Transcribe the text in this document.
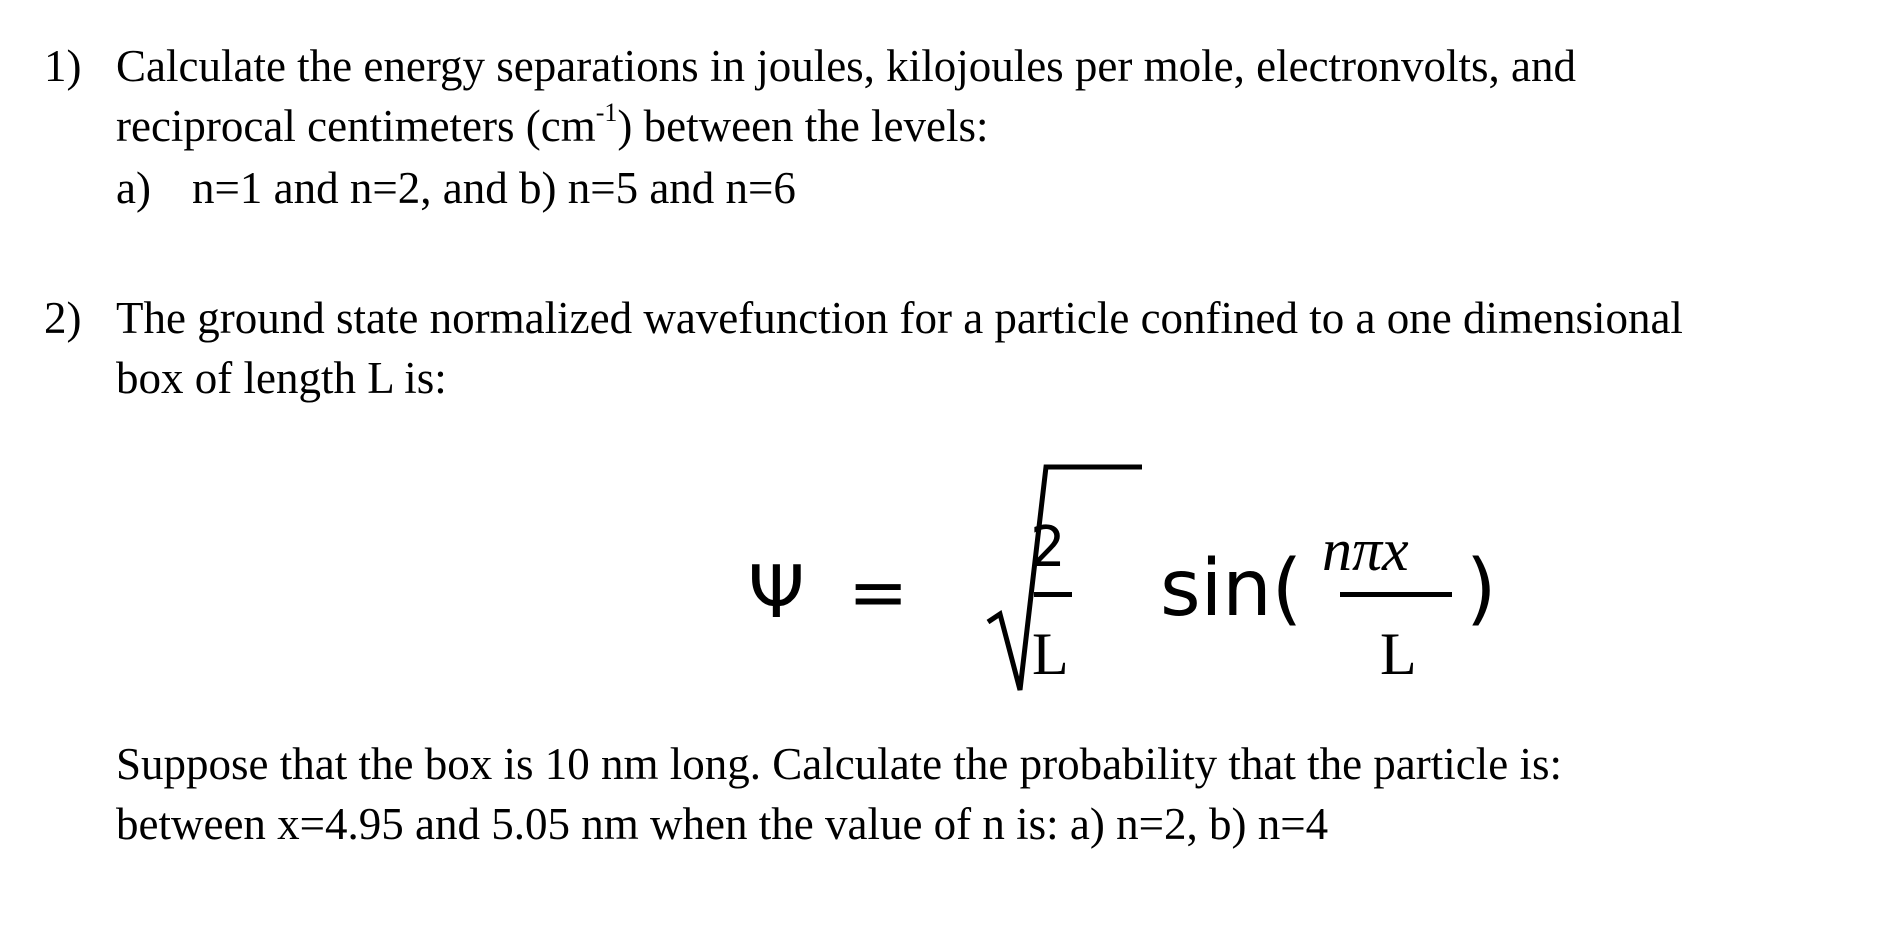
1) Calculate the energy separations in joules, kilojoules per mole, electronvolts, and
reciprocal centimeters $(cm^{-1})$ between the levels:
a) n=1 and n=2, and b) n=5 and n=6
2) The ground state normalized wavefunction for a particle confined to a one dimensional
box of length L is:
Ψ =
2
L
sin( nπx
L
)
Suppose that the box is 10 nm long. Calculate the probability that the particle is:
between x=4.95 and 5.05 nm when the value of n is: a) n=2, b) n=4
